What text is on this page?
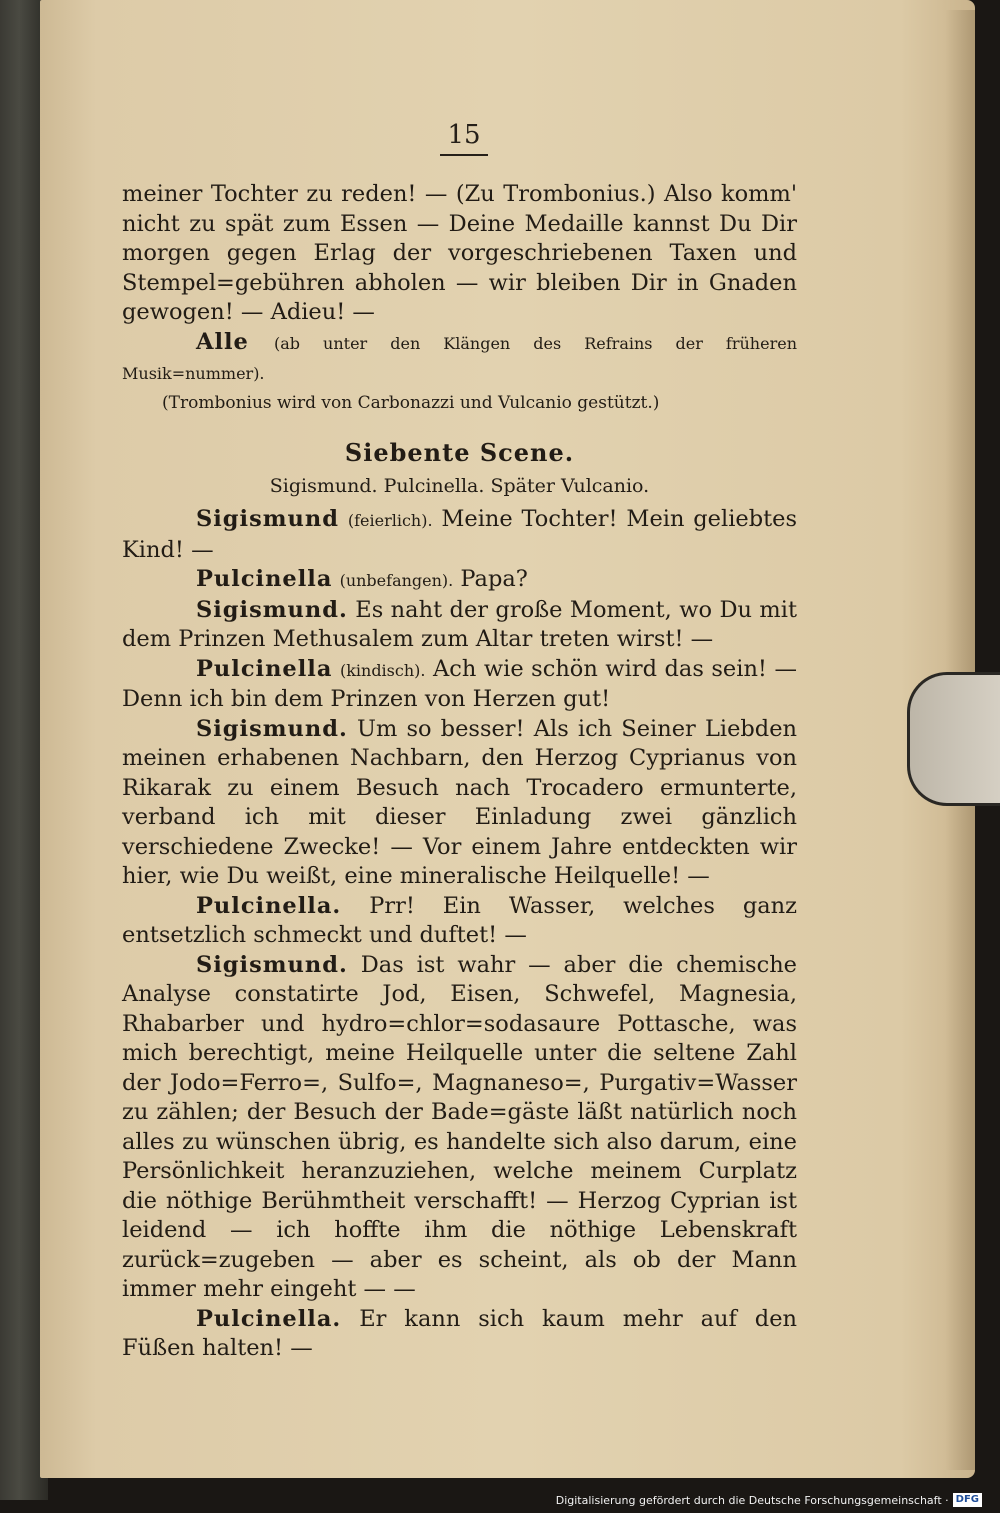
15

meiner Tochter zu reden! — (Zu Trombonius.) Also komm' nicht zu spät zum Essen — Deine Medaille kannst Du Dir morgen gegen Erlag der vorgeschriebenen Taxen und Stempel=gebühren abholen — wir bleiben Dir in Gnaden gewogen! — Adieu! —

Alle (ab unter den Klängen des Refrains der früheren Musik=nummer).

(Trombonius wird von Carbonazzi und Vulcanio gestützt.)

Siebente Scene.

Sigismund. Pulcinella. Später Vulcanio.

Sigismund (feierlich). Meine Tochter! Mein geliebtes Kind! —

Pulcinella (unbefangen). Papa?

Sigismund. Es naht der große Moment, wo Du mit dem Prinzen Methusalem zum Altar treten wirst! —

Pulcinella (kindisch). Ach wie schön wird das sein! — Denn ich bin dem Prinzen von Herzen gut!

Sigismund. Um so besser! Als ich Seiner Liebden meinen erhabenen Nachbarn, den Herzog Cyprianus von Rikarak zu einem Besuch nach Trocadero ermunterte, verband ich mit dieser Einladung zwei gänzlich verschiedene Zwecke! — Vor einem Jahre entdeckten wir hier, wie Du weißt, eine mineralische Heilquelle! —

Pulcinella. Prr! Ein Wasser, welches ganz entsetzlich schmeckt und duftet! —

Sigismund. Das ist wahr — aber die chemische Analyse constatirte Jod, Eisen, Schwefel, Magnesia, Rhabarber und hydro=chlor=sodasaure Pottasche, was mich berechtigt, meine Heilquelle unter die seltene Zahl der Jodo=Ferro=, Sulfo=, Magnaneso=, Purgativ=Wasser zu zählen; der Besuch der Bade=gäste läßt natürlich noch alles zu wünschen übrig, es handelte sich also darum, eine Persönlichkeit heranzuziehen, welche meinem Curplatz die nöthige Berühmtheit verschafft! — Herzog Cyprian ist leidend — ich hoffte ihm die nöthige Lebenskraft zurück=zugeben — aber es scheint, als ob der Mann immer mehr eingeht — —

Pulcinella. Er kann sich kaum mehr auf den Füßen halten! —

Digitalisierung gefördert durch die Deutsche Forschungsgemeinschaft · DFG
